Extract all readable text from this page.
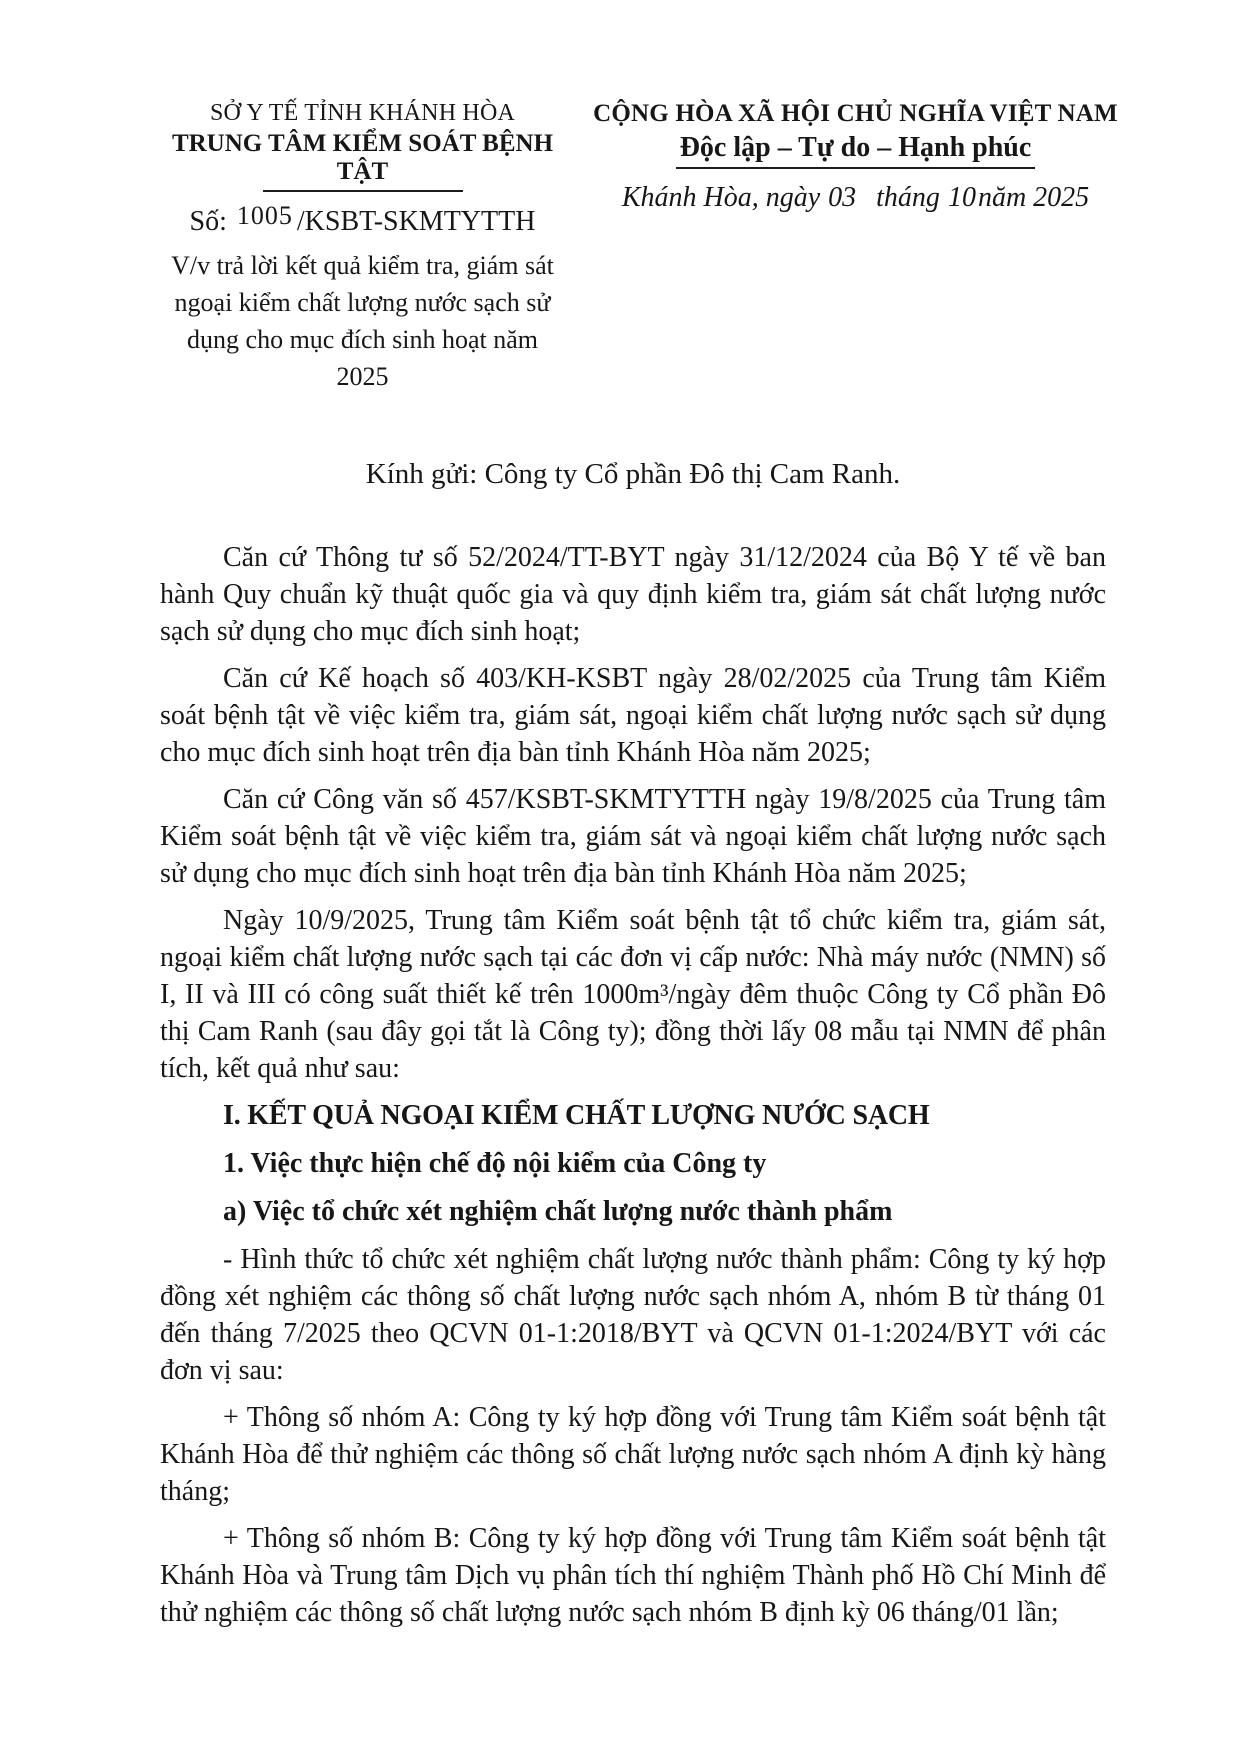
SỞ Y TẾ TỈNH KHÁNH HÒA
TRUNG TÂM KIỂM SOÁT BỆNH TẬT
Số: 1005 /KSBT-SKMTYTTH
V/v trả lời kết quả kiểm tra, giám sát ngoại kiểm chất lượng nước sạch sử dụng cho mục đích sinh hoạt năm 2025
CỘNG HÒA XÃ HỘI CHỦ NGHĨA VIỆT NAM
Độc lập – Tự do – Hạnh phúc
Khánh Hòa, ngày 03 tháng 10năm 2025
Kính gửi: Công ty Cổ phần Đô thị Cam Ranh.

Căn cứ Thông tư số 52/2024/TT-BYT ngày 31/12/2024 của Bộ Y tế về ban hành Quy chuẩn kỹ thuật quốc gia và quy định kiểm tra, giám sát chất lượng nước sạch sử dụng cho mục đích sinh hoạt;

Căn cứ Kế hoạch số 403/KH-KSBT ngày 28/02/2025 của Trung tâm Kiểm soát bệnh tật về việc kiểm tra, giám sát, ngoại kiểm chất lượng nước sạch sử dụng cho mục đích sinh hoạt trên địa bàn tỉnh Khánh Hòa năm 2025;

Căn cứ Công văn số 457/KSBT-SKMTYTTH ngày 19/8/2025 của Trung tâm Kiểm soát bệnh tật về việc kiểm tra, giám sát và ngoại kiểm chất lượng nước sạch sử dụng cho mục đích sinh hoạt trên địa bàn tỉnh Khánh Hòa năm 2025;

Ngày 10/9/2025, Trung tâm Kiểm soát bệnh tật tổ chức kiểm tra, giám sát, ngoại kiểm chất lượng nước sạch tại các đơn vị cấp nước: Nhà máy nước (NMN) số I, II và III có công suất thiết kế trên 1000m³/ngày đêm thuộc Công ty Cổ phần Đô thị Cam Ranh (sau đây gọi tắt là Công ty); đồng thời lấy 08 mẫu tại NMN để phân tích, kết quả như sau:

I. KẾT QUẢ NGOẠI KIỂM CHẤT LƯỢNG NƯỚC SẠCH

1. Việc thực hiện chế độ nội kiểm của Công ty

a) Việc tổ chức xét nghiệm chất lượng nước thành phẩm

- Hình thức tổ chức xét nghiệm chất lượng nước thành phẩm: Công ty ký hợp đồng xét nghiệm các thông số chất lượng nước sạch nhóm A, nhóm B từ tháng 01 đến tháng 7/2025 theo QCVN 01-1:2018/BYT và QCVN 01-1:2024/BYT với các đơn vị sau:

+ Thông số nhóm A: Công ty ký hợp đồng với Trung tâm Kiểm soát bệnh tật Khánh Hòa để thử nghiệm các thông số chất lượng nước sạch nhóm A định kỳ hàng tháng;

+ Thông số nhóm B: Công ty ký hợp đồng với Trung tâm Kiểm soát bệnh tật Khánh Hòa và Trung tâm Dịch vụ phân tích thí nghiệm Thành phố Hồ Chí Minh để thử nghiệm các thông số chất lượng nước sạch nhóm B định kỳ 06 tháng/01 lần;
